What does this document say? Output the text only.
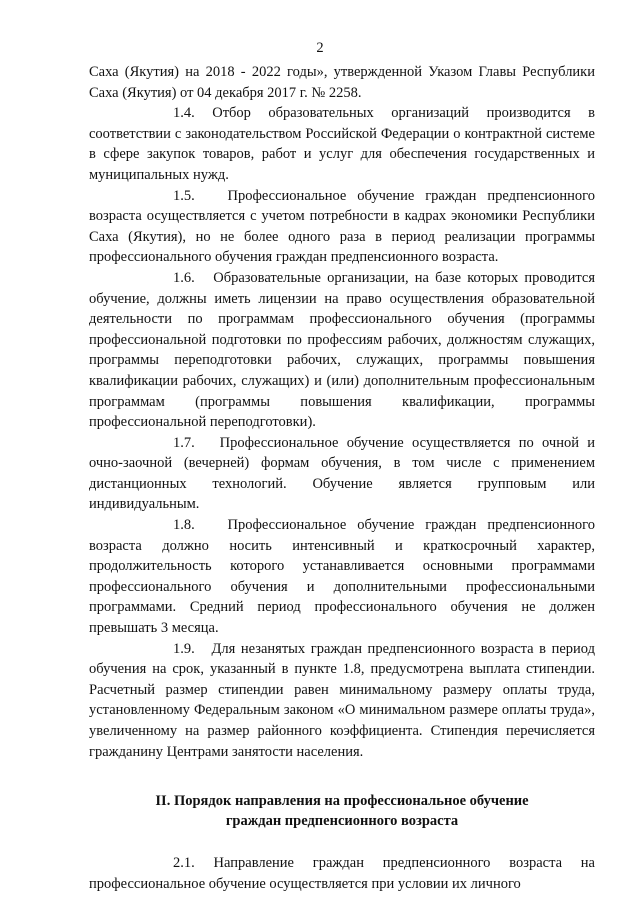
2

Саха (Якутия) на 2018 - 2022 годы», утвержденной Указом Главы Республики Саха (Якутия) от 04 декабря 2017 г. № 2258.

1.4. Отбор образовательных организаций производится в соответствии с законодательством Российской Федерации о контрактной системе в сфере закупок товаров, работ и услуг для обеспечения государственных и муниципальных нужд.

1.5. Профессиональное обучение граждан предпенсионного возраста осуществляется с учетом потребности в кадрах экономики Республики Саха (Якутия), но не более одного раза в период реализации программы профессионального обучения граждан предпенсионного возраста.

1.6. Образовательные организации, на базе которых проводится обучение, должны иметь лицензии на право осуществления образовательной деятельности по программам профессионального обучения (программы профессиональной подготовки по профессиям рабочих, должностям служащих, программы переподготовки рабочих, служащих, программы повышения квалификации рабочих, служащих) и (или) дополнительным профессиональным программам (программы повышения квалификации, программы профессиональной переподготовки).

1.7. Профессиональное обучение осуществляется по очной и очно-заочной (вечерней) формам обучения, в том числе с применением дистанционных технологий. Обучение является групповым или индивидуальным.

1.8. Профессиональное обучение граждан предпенсионного возраста должно носить интенсивный и краткосрочный характер, продолжительность которого устанавливается основными программами профессионального обучения и дополнительными профессиональными программами. Средний период профессионального обучения не должен превышать 3 месяца.

1.9. Для незанятых граждан предпенсионного возраста в период обучения на срок, указанный в пункте 1.8, предусмотрена выплата стипендии. Расчетный размер стипендии равен минимальному размеру оплаты труда, установленному Федеральным законом «О минимальном размере оплаты труда», увеличенному на размер районного коэффициента. Стипендия перечисляется гражданину Центрами занятости населения.

II. Порядок направления на профессиональное обучение
граждан предпенсионного возраста

2.1. Направление граждан предпенсионного возраста на профессиональное обучение осуществляется при условии их личного
